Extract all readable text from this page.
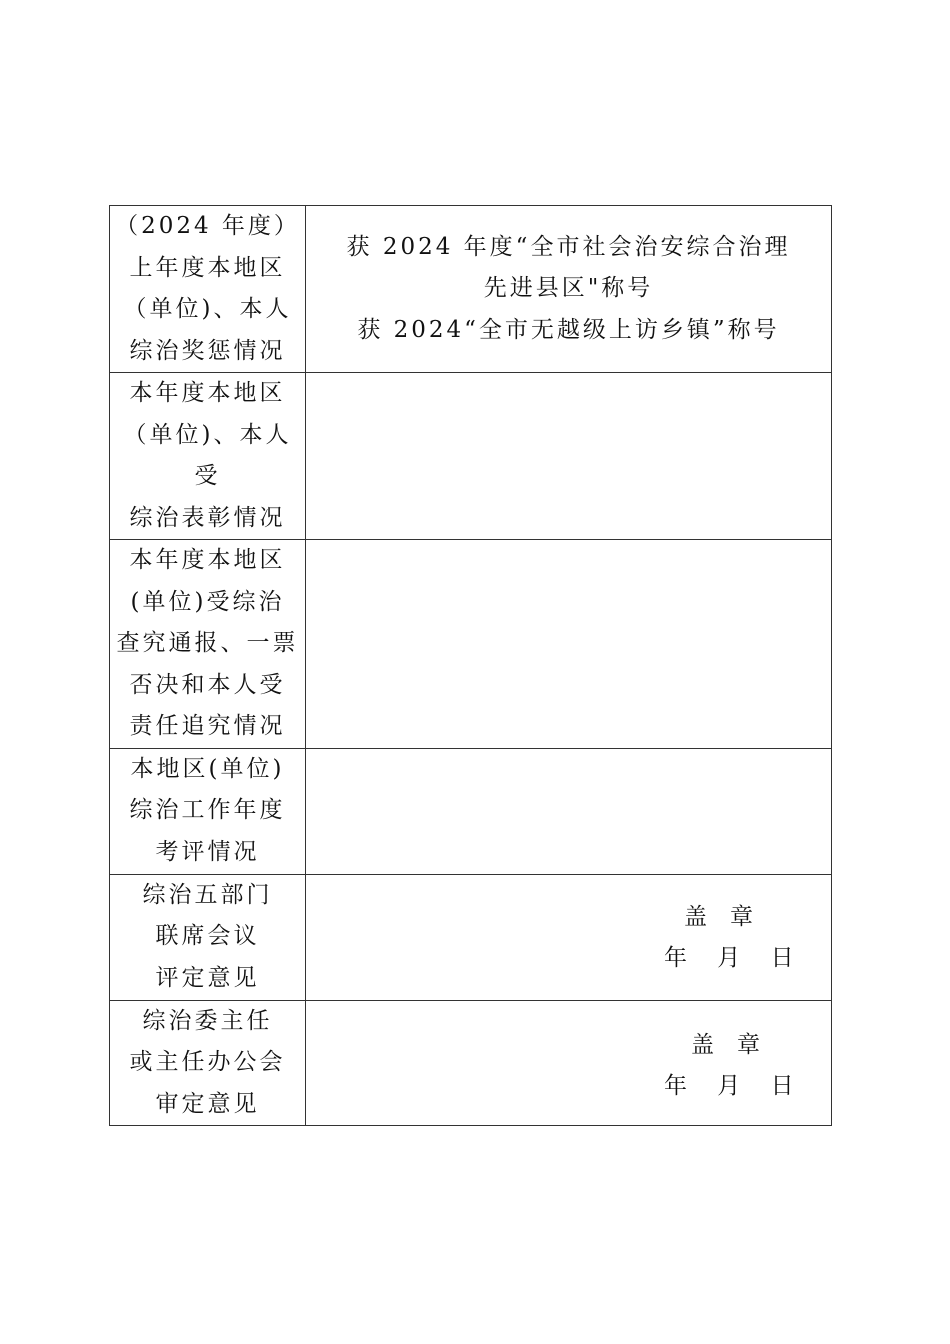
（2024 年度）
上年度本地区
（单位)、本人
综治奖惩情况	获 2024 年度“全市社会治安综合治理
先进县区"称号
获 2024“全市无越级上访乡镇”称号

本年度本地区
（单位)、本人
受
综治表彰情况	

本年度本地区
(单位)受综治
查究通报、一票
否决和本人受
责任追究情况	

本地区(单位)
综治工作年度
考评情况	

综治五部门
联席会议
评定意见	盖　章
年　 月　 日

综治委主任
或主任办公会
审定意见	盖　章
年　 月　 日
